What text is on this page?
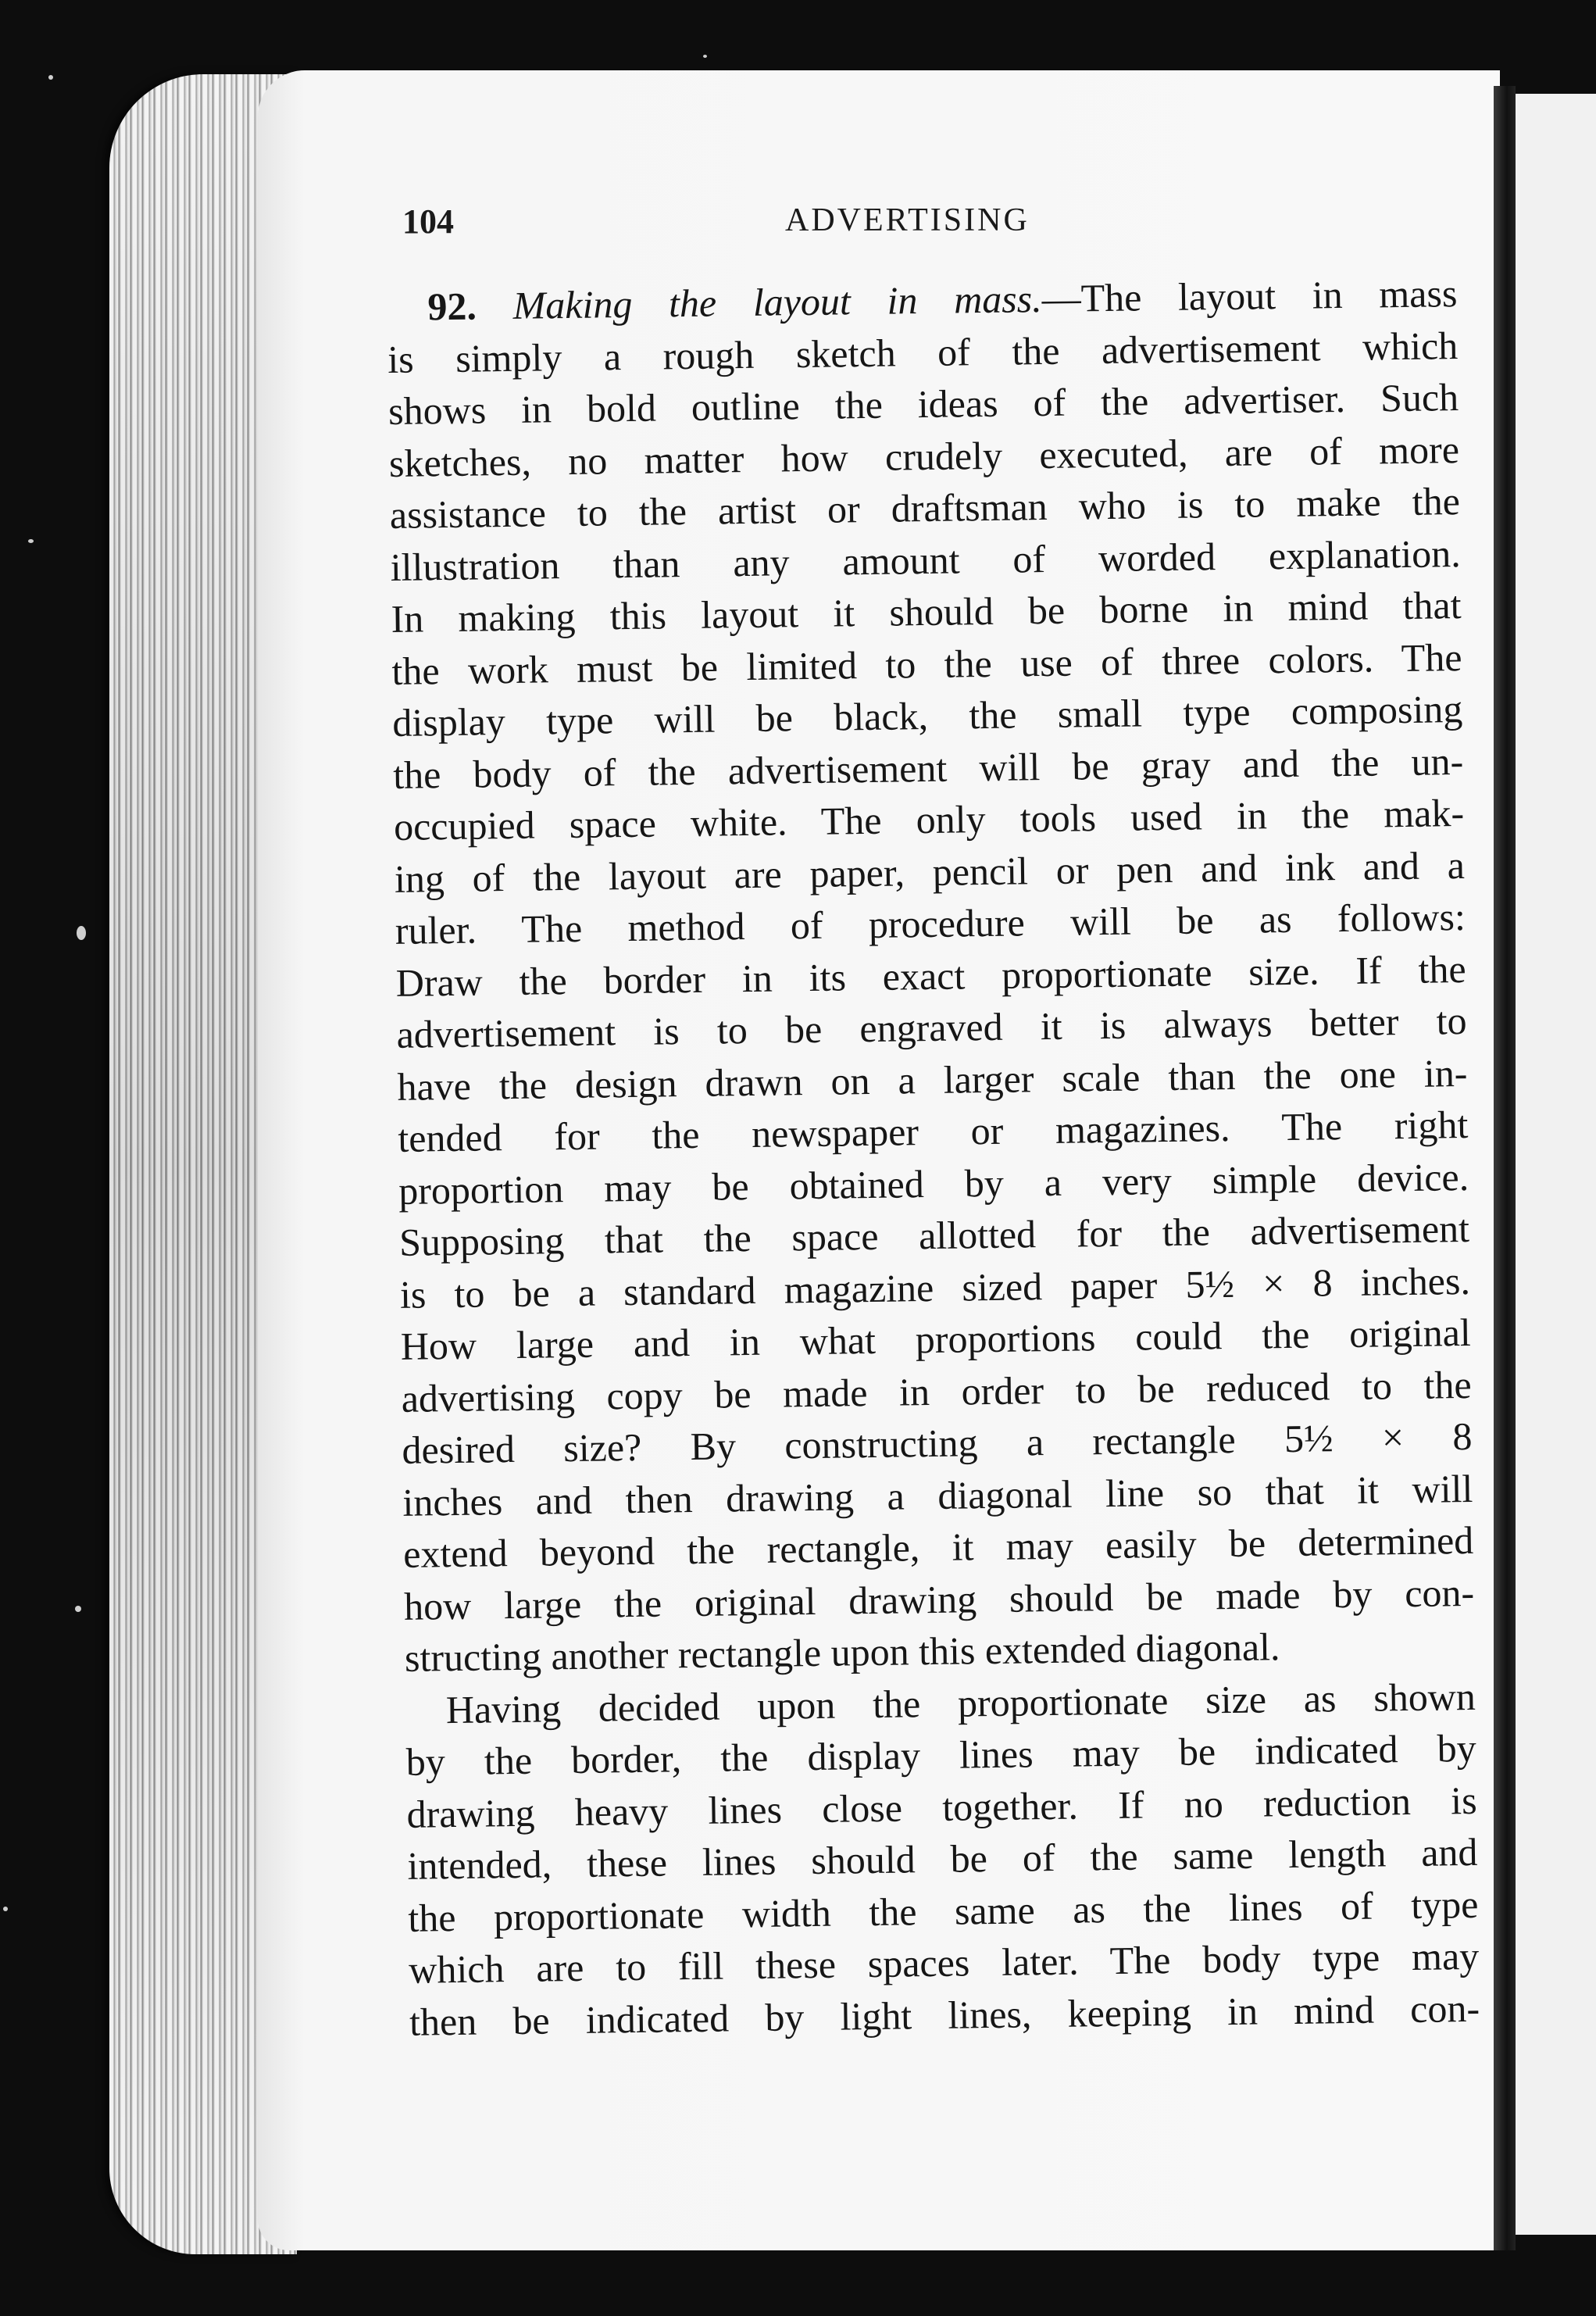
104	ADVERTISING
92. Making the layout in mass.—The layout in mass
is simply a rough sketch of the advertisement which
shows in bold outline the ideas of the advertiser. Such
sketches, no matter how crudely executed, are of more
assistance to the artist or draftsman who is to make the
illustration than any amount of worded explanation.
In making this layout it should be borne in mind that
the work must be limited to the use of three colors. The
display type will be black, the small type composing
the body of the advertisement will be gray and the un-
occupied space white. The only tools used in the mak-
ing of the layout are paper, pencil or pen and ink and a
ruler. The method of procedure will be as follows:
Draw the border in its exact proportionate size. If the
advertisement is to be engraved it is always better to
have the design drawn on a larger scale than the one in-
tended for the newspaper or magazines. The right
proportion may be obtained by a very simple device.
Supposing that the space allotted for the advertisement
is to be a standard magazine sized paper 5½ × 8 inches.
How large and in what proportions could the original
advertising copy be made in order to be reduced to the
desired size? By constructing a rectangle 5½ × 8
inches and then drawing a diagonal line so that it will
extend beyond the rectangle, it may easily be determined
how large the original drawing should be made by con-
structing another rectangle upon this extended diagonal.
Having decided upon the proportionate size as shown
by the border, the display lines may be indicated by
drawing heavy lines close together. If no reduction is
intended, these lines should be of the same length and
the proportionate width the same as the lines of type
which are to fill these spaces later. The body type may
then be indicated by light lines, keeping in mind con-
